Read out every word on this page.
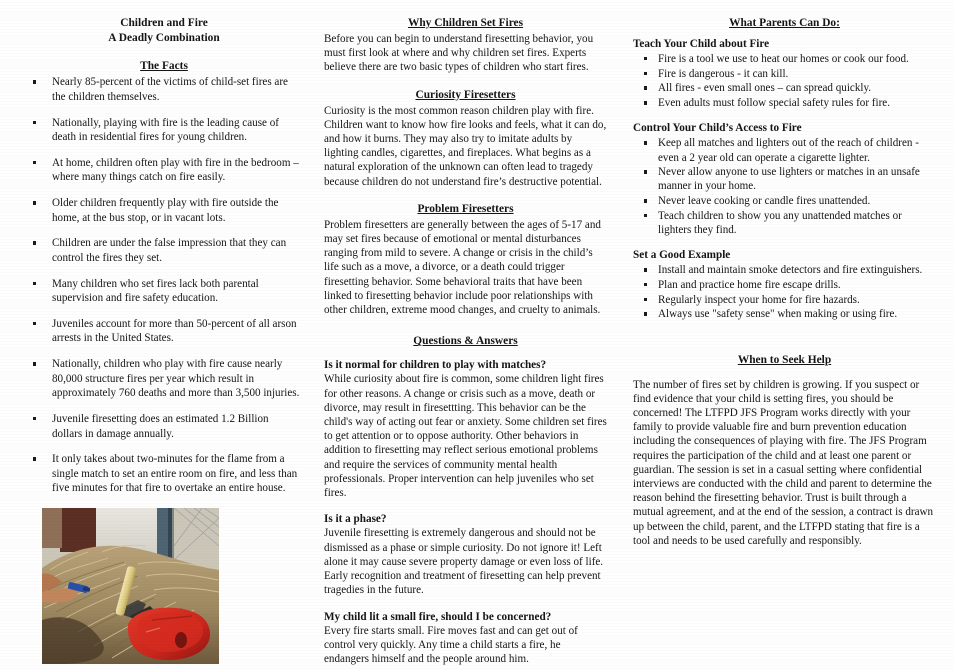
Children and Fire
A Deadly Combination
The Facts
Nearly 85-percent of the victims of child-set fires are the children themselves.
Nationally, playing with fire is the leading cause of death in residential fires for young children.
At home, children often play with fire in the bedroom – where many things catch on fire easily.
Older children frequently play with fire outside the home, at the bus stop, or in vacant lots.
Children are under the false impression that they can control the fires they set.
Many children who set fires lack both parental supervision and fire safety education.
Juveniles account for more than 50-percent of all arson arrests in the United States.
Nationally, children who play with fire cause nearly 80,000 structure fires per year which result in approximately 760 deaths and more than 3,500 injuries.
Juvenile firesetting does an estimated 1.2 Billion dollars in damage annually.
It only takes about two-minutes for the flame from a single match to set an entire room on fire, and less than five minutes for that fire to overtake an entire house.
Why Children Set Fires

Before you can begin to understand firesetting behavior, you must first look at where and why children set fires. Experts believe there are two basic types of children who start fires.

Curiosity Firesetters

Curiosity is the most common reason children play with fire. Children want to know how fire looks and feels, what it can do, and how it burns. They may also try to imitate adults by lighting candles, cigarettes, and fireplaces. What begins as a natural exploration of the unknown can often lead to tragedy because children do not understand fire’s destructive potential.

Problem Firesetters

Problem firesetters are generally between the ages of 5-17 and may set fires because of emotional or mental disturbances ranging from mild to severe. A change or crisis in the child’s life such as a move, a divorce, or a death could trigger firesetting behavior. Some behavioral traits that have been linked to firesetting behavior include poor relationships with other children, extreme mood changes, and cruelty to animals.

Questions & Answers
Is it normal for children to play with matches?

While curiosity about fire is common, some children light fires for other reasons. A change or crisis such as a move, death or divorce, may result in firesettting. This behavior can be the child's way of acting out fear or anxiety. Some children set fires to get attention or to oppose authority. Other behaviors in addition to firesetting may reflect serious emotional problems and require the services of community mental health professionals. Proper intervention can help juveniles who set fires.

Is it a phase?

Juvenile firesetting is extremely dangerous and should not be dismissed as a phase or simple curiosity. Do not ignore it! Left alone it may cause severe property damage or even loss of life. Early recognition and treatment of firesetting can help prevent tragedies in the future.

My child lit a small fire, should I be concerned?

Every fire starts small. Fire moves fast and can get out of control very quickly. Any time a child starts a fire, he endangers himself and the people around him.

What Parents Can Do:
Teach Your Child about Fire
Fire is a tool we use to heat our homes or cook our food.
Fire is dangerous - it can kill.
All fires - even small ones – can spread quickly.
Even adults must follow special safety rules for fire.
Control Your Child’s Access to Fire
Keep all matches and lighters out of the reach of children - even a 2 year old can operate a cigarette lighter.
Never allow anyone to use lighters or matches in an unsafe manner in your home.
Never leave cooking or candle fires unattended.
Teach children to show you any unattended matches or lighters they find.
Set a Good Example
Install and maintain smoke detectors and fire extinguishers.
Plan and practice home fire escape drills.
Regularly inspect your home for fire hazards.
Always use "safety sense" when making or using fire.
When to Seek Help

The number of fires set by children is growing. If you suspect or find evidence that your child is setting fires, you should be concerned! The LTFPD JFS Program works directly with your family to provide valuable fire and burn prevention education including the consequences of playing with fire. The JFS Program requires the participation of the child and at least one parent or guardian. The session is set in a casual setting where confidential interviews are conducted with the child and parent to determine the reason behind the firesetting behavior. Trust is built through a mutual agreement, and at the end of the session, a contract is drawn up between the child, parent, and the LTFPD stating that fire is a tool and needs to be used carefully and responsibly.
